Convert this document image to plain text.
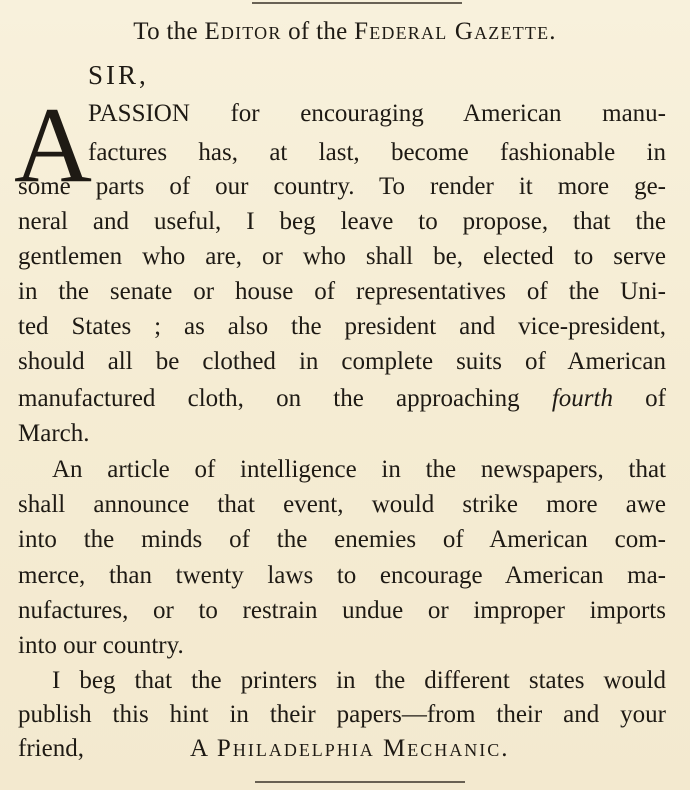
To the Editor of the Federal Gazette.
SIR,
A
PASSION for encouraging American manu-
factures has, at last, become fashionable in
some parts of our country. To render it more ge-
neral and useful, I beg leave to propose, that the
gentlemen who are, or who shall be, elected to serve
in the senate or house of representatives of the Uni-
ted States ; as also the president and vice-president,
should all be clothed in complete suits of American
manufactured cloth, on the approaching fourth of
March.
An article of intelligence in the newspapers, that
shall announce that event, would strike more awe
into the minds of the enemies of American com-
merce, than twenty laws to encourage American ma-
nufactures, or to restrain undue or improper imports
into our country.
I beg that the printers in the different states would
publish this hint in their papers—from their and your
friend,	A Philadelphia Mechanic.
